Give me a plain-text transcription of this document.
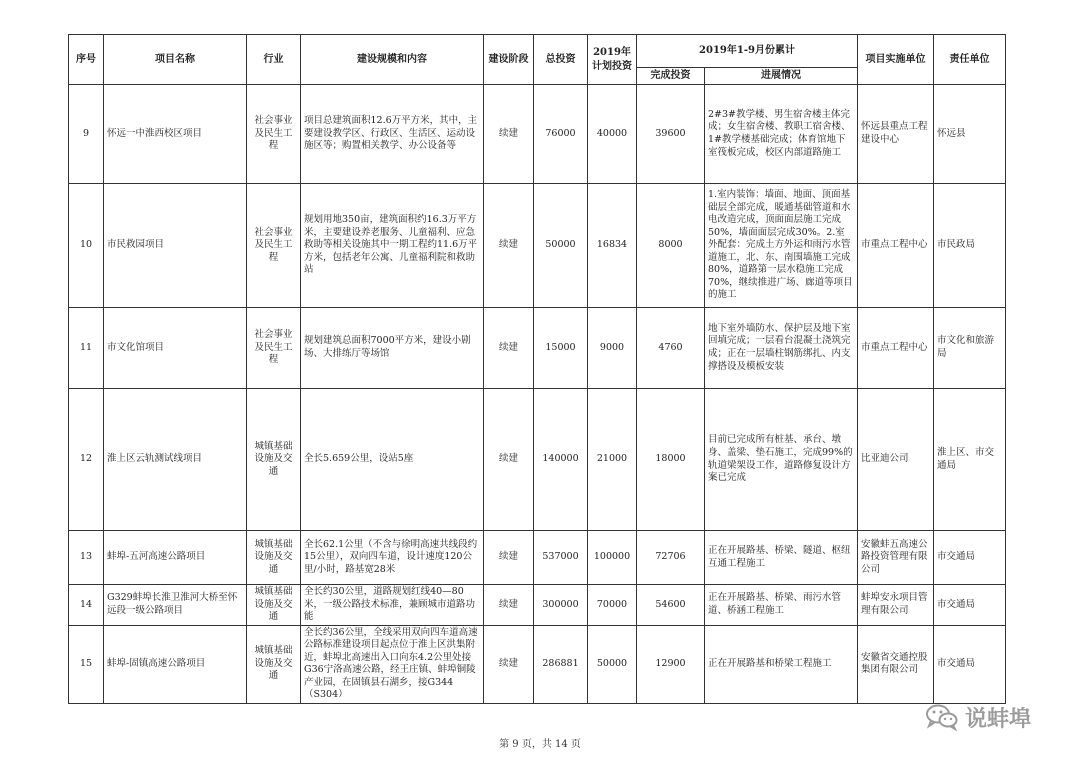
序号	项目名称	行业	建设规模和内容	建设阶段	总投资	2019年计划投资	2019年1-9月份累计		项目实施单位	责任单位
							完成投资	进展情况		
9	怀远一中淮西校区项目	社会事业及民生工程	项目总建筑面积12.6万平方米，其中，主要建设教学区、行政区、生活区、运动设施区等；购置相关教学、办公设备等	续建	76000	40000	39600	2#3#教学楼、男生宿舍楼主体完成；女生宿舍楼、教职工宿舍楼、1#教学楼基础完成；体育馆地下室筏板完成，校区内部道路施工	怀远县重点工程建设中心	怀远县
10	市民救园项目	社会事业及民生工程	规划用地350亩，建筑面积约16.3万平方米，主要建设养老服务、儿童福利、应急救助等相关设施其中一期工程约11.6万平方米，包括老年公寓、儿童福利院和救助站	续建	50000	16834	8000	1.室内装饰：墙面、地面、顶面基础层全部完成，暖通基础管道和水电改造完成，顶面面层施工完成50%，墙面面层完成30%。2.室外配套：完成土方外运和雨污水管道施工，北、东、南围墙施工完成80%，道路第一层水稳施工完成70%，继续推进广场、廊道等项目的施工	市重点工程中心	市民政局
11	市文化馆项目	社会事业及民生工程	规划建筑总面积7000平方米，建设小剧场、大排练厅等场馆	续建	15000	9000	4760	地下室外墙防水、保护层及地下室回填完成；一层看台混凝土浇筑完成；正在一层墙柱钢筋绑扎、内支撑搭设及模板安装	市重点工程中心	市文化和旅游局
12	淮上区云轨测试线项目	城镇基础设施及交通	全长5.659公里，设站5座	续建	140000	21000	18000	目前已完成所有桩基、承台、墩身、盖梁、垫石施工，完成99%的轨道梁架设工作，道路修复设计方案已完成	比亚迪公司	淮上区、市交通局
13	蚌埠-五河高速公路项目	城镇基础设施及交通	全长62.1公里（不含与徐明高速共线段约15公里），双向四车道，设计速度120公里/小时，路基宽28米	续建	537000	100000	72706	正在开展路基、桥梁、隧道、枢纽互通工程施工	安徽蚌五高速公路投资管理有限公司	市交通局
14	G329蚌埠长淮卫淮河大桥至怀远段一级公路项目	城镇基础设施及交通	全长约30公里，道路规划红线40—80米，一级公路技术标准，兼顾城市道路功能	续建	300000	70000	54600	正在开展路基、桥梁、雨污水管道、桥涵工程施工	蚌埠安永项目管理有限公司	市交通局
15	蚌埠-固镇高速公路项目	城镇基础设施及交通	全长约36公里，全线采用双向四车道高速公路标准建设项目起点位于淮上区洪集附近，蚌埠北高速出入口向东4.2公里处接G36宁洛高速公路，经王庄镇、蚌埠铜陵产业园，在固镇县石湖乡，接G344（S304）	续建	286881	50000	12900	正在开展路基和桥梁工程施工	安徽省交通控股集团有限公司	市交通局
说蚌埠
第 9 页，共 14 页
